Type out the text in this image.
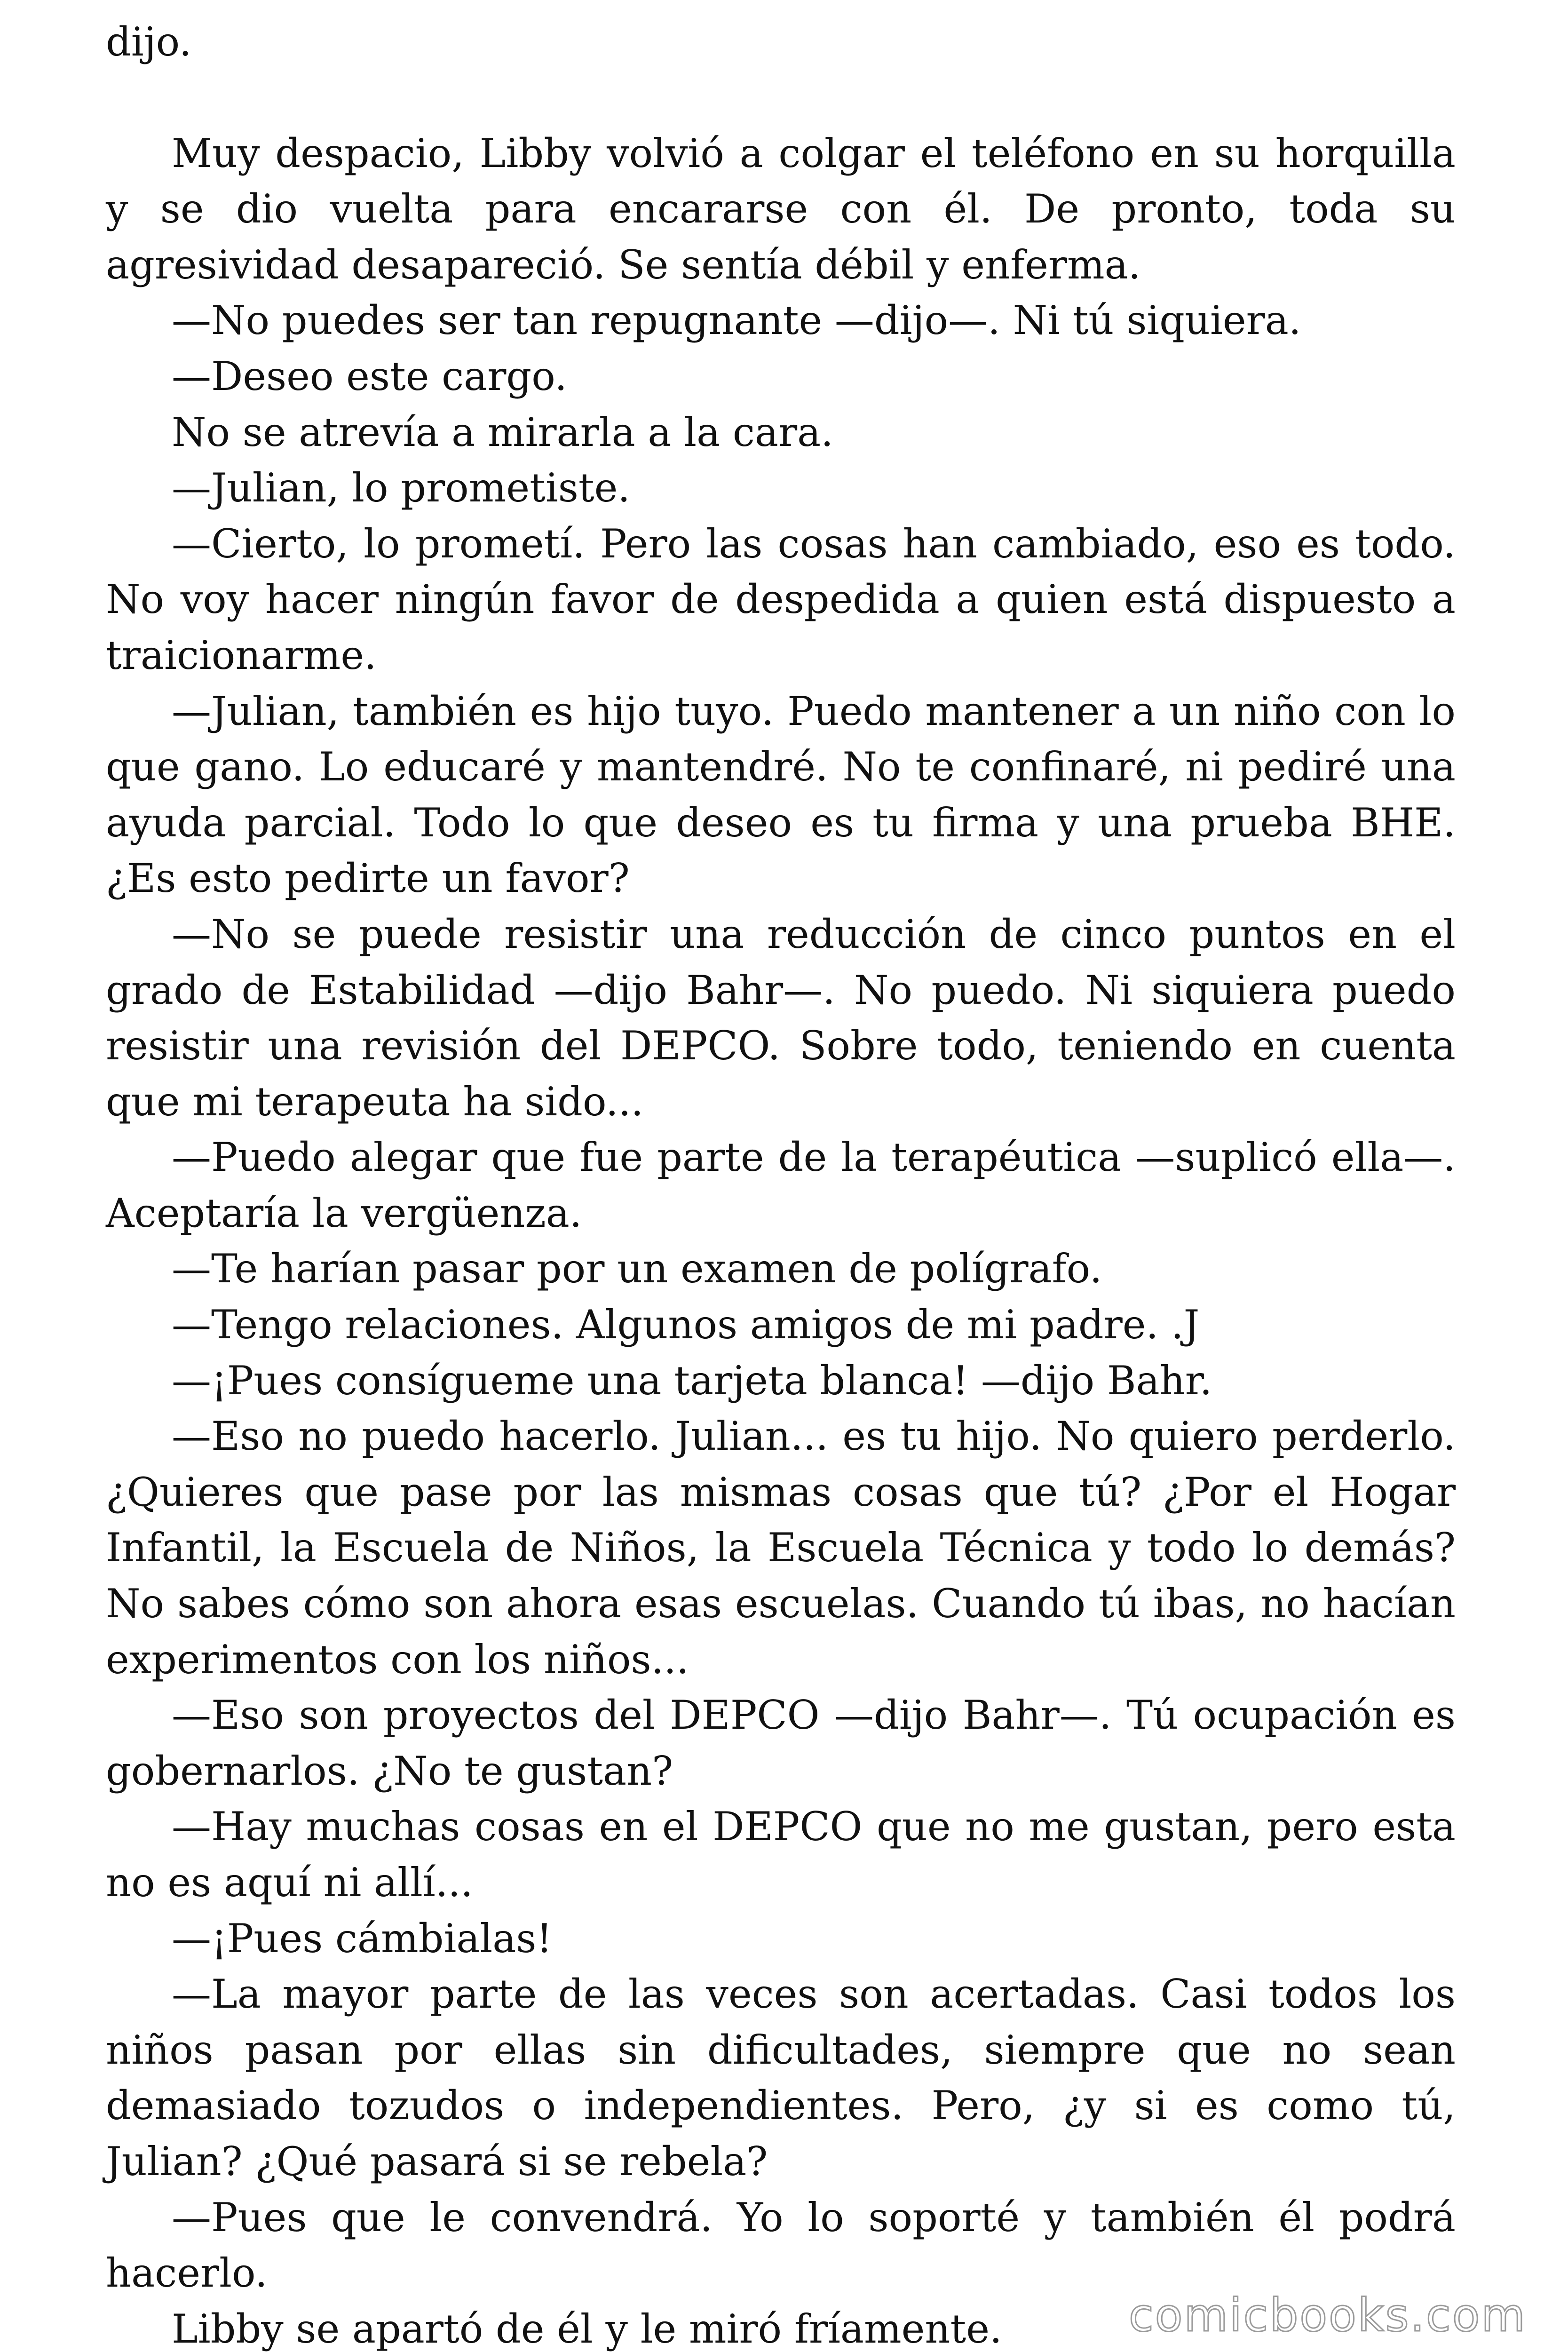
dijo.

Muy despacio, Libby volvió a colgar el teléfono en su horquilla y se dio vuelta para encararse con él. De pronto, toda su agresividad desapareció. Se sentía débil y enferma.

—No puedes ser tan repugnante —dijo—. Ni tú siquiera.

—Deseo este cargo.

No se atrevía a mirarla a la cara.

—Julian, lo prometiste.

—Cierto, lo prometí. Pero las cosas han cambiado, eso es todo. No voy hacer ningún favor de despedida a quien está dispuesto a traicionarme.

—Julian, también es hijo tuyo. Puedo mantener a un niño con lo que gano. Lo educaré y mantendré. No te confinaré, ni pediré una ayuda parcial. Todo lo que deseo es tu firma y una prueba BHE. ¿Es esto pedirte un favor?

—No se puede resistir una reducción de cinco puntos en el grado de Estabilidad —dijo Bahr—. No puedo. Ni siquiera puedo resistir una revisión del DEPCO. Sobre todo, teniendo en cuenta que mi terapeuta ha sido...

—Puedo alegar que fue parte de la terapéutica —suplicó ella—. Aceptaría la vergüenza.

—Te harían pasar por un examen de polígrafo.

—Tengo relaciones. Algunos amigos de mi padre. .J

—¡Pues consígueme una tarjeta blanca! —dijo Bahr.

—Eso no puedo hacerlo. Julian... es tu hijo. No quiero perderlo. ¿Quieres que pase por las mismas cosas que tú? ¿Por el Hogar Infantil, la Escuela de Niños, la Escuela Técnica y todo lo demás? No sabes cómo son ahora esas escuelas. Cuando tú ibas, no hacían experimentos con los niños...

—Eso son proyectos del DEPCO —dijo Bahr—. Tú ocupación es gobernarlos. ¿No te gustan?

—Hay muchas cosas en el DEPCO que no me gustan, pero esta no es aquí ni allí...

—¡Pues cámbialas!

—La mayor parte de las veces son acertadas. Casi todos los niños pasan por ellas sin dificultades, siempre que no sean demasiado tozudos o independientes. Pero, ¿y si es como tú, Julian? ¿Qué pasará si se rebela?

—Pues que le convendrá. Yo lo soporté y también él podrá hacerlo.

Libby se apartó de él y le miró fríamente.	comicbooks.com
